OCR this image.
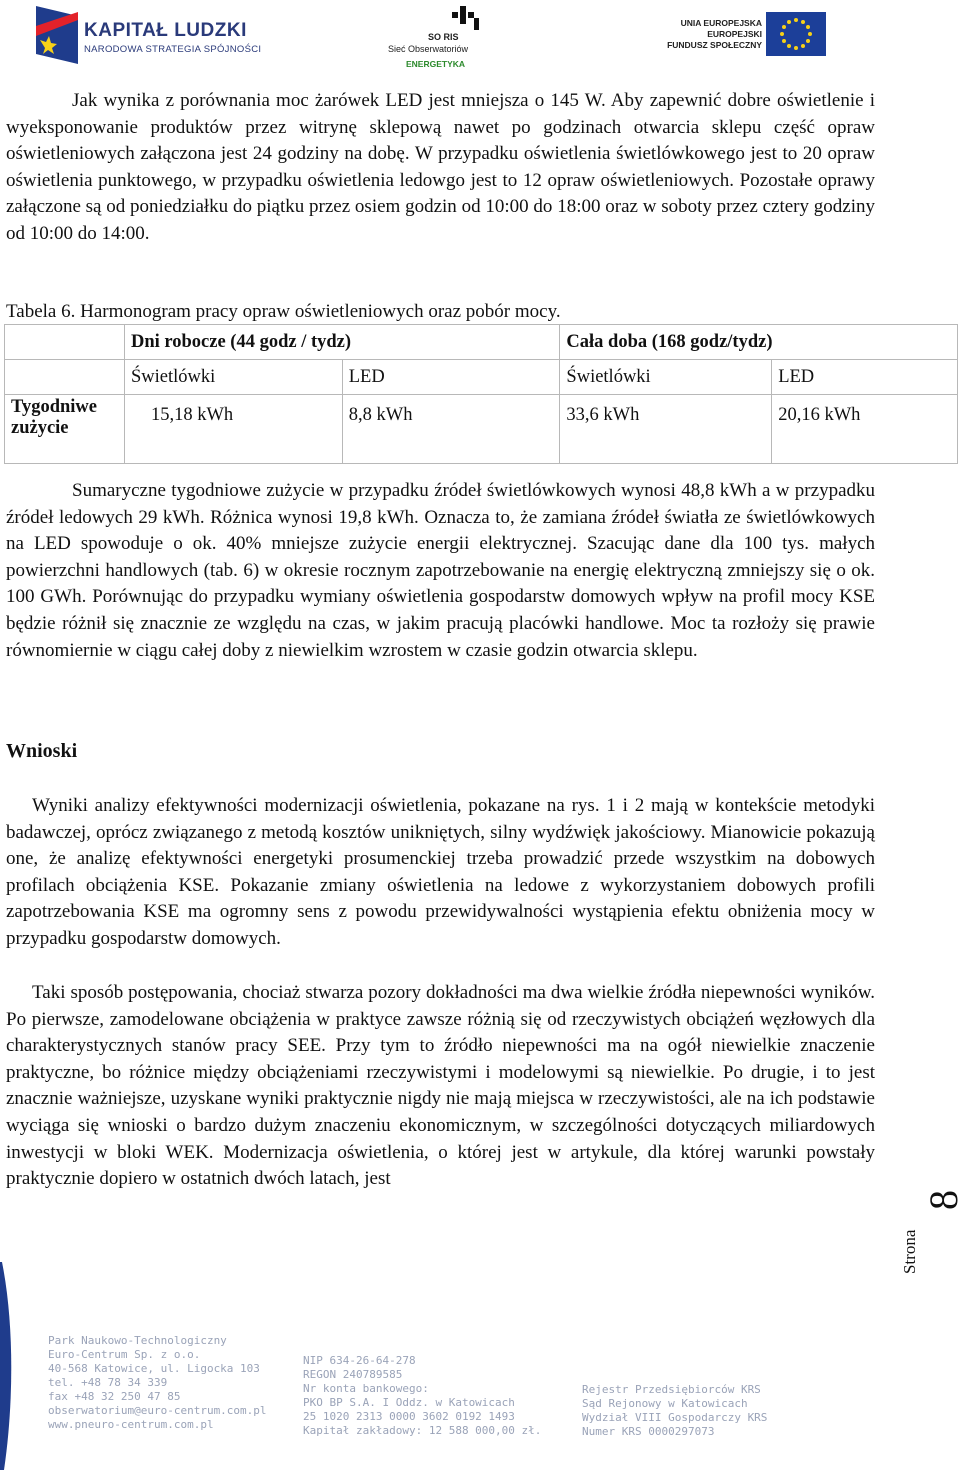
KAPITAŁ LUDZKI
NARODOWA STRATEGIA SPÓJNOŚCI
SO RIS
Sieć Obserwatoriów
ENERGETYKA
UNIA EUROPEJSKA
EUROPEJSKI
FUNDUSZ SPOŁECZNY

Jak wynika z porównania moc żarówek LED jest mniejsza o 145 W. Aby zapewnić dobre oświetlenie i wyeksponowanie produktów przez witrynę sklepową nawet po godzinach otwarcia sklepu część opraw oświetleniowych załączona jest 24 godziny na dobę. W przypadku oświetlenia świetlówkowego jest to 20 opraw oświetlenia punktowego, w przypadku oświetlenia ledowgo jest to 12 opraw oświetleniowych. Pozostałe oprawy załączone są od poniedziałku do piątku przez osiem godzin od 10:00 do 18:00 oraz w soboty przez cztery godziny od 10:00 do 14:00.

Tabela 6. Harmonogram pracy opraw oświetleniowych oraz pobór mocy.
	Dni robocze (44 godz / tydz)		Cała doba (168 godz/tydz)	
	Świetlówki	LED	Świetlówki	LED
Tygodniwe zużycie	15,18 kWh	8,8 kWh	33,6 kWh	20,16 kWh

Sumaryczne tygodniowe zużycie w przypadku źródeł świetlówkowych wynosi 48,8 kWh a w przypadku źródeł ledowych 29 kWh. Różnica wynosi 19,8 kWh. Oznacza to, że zamiana źródeł światła ze świetlówkowych na LED spowoduje o ok. 40% mniejsze zużycie energii elektrycznej. Szacując dane dla 100 tys. małych powierzchni handlowych (tab. 6) w okresie rocznym zapotrzebowanie na energię elektryczną zmniejszy się o ok. 100 GWh. Porównując do przypadku wymiany oświetlenia gospodarstw domowych wpływ na profil mocy KSE będzie różnił się znacznie ze względu na czas, w jakim pracują placówki handlowe. Moc ta rozłoży się prawie równomiernie w ciągu całej doby z niewielkim wzrostem w czasie godzin otwarcia sklepu.

Wnioski

Wyniki analizy efektywności modernizacji oświetlenia, pokazane na rys. 1 i 2 mają w kontekście metodyki badawczej, oprócz związanego z metodą kosztów unikniętych, silny wydźwięk jakościowy. Mianowicie pokazują one, że analizę efektywności energetyki prosumenckiej trzeba prowadzić przede wszystkim na dobowych profilach obciążenia KSE. Pokazanie zmiany oświetlenia na ledowe z wykorzystaniem dobowych profili zapotrzebowania KSE ma ogromny sens z powodu przewidywalności wystąpienia efektu obniżenia mocy w przypadku gospodarstw domowych.

Taki sposób postępowania, chociaż stwarza pozory dokładności ma dwa wielkie źródła niepewności wyników. Po pierwsze, zamodelowane obciążenia w praktyce zawsze różnią się od rzeczywistych obciążeń węzłowych dla charakterystycznych stanów pracy SEE. Przy tym to źródło niepewności ma na ogół niewielkie znaczenie praktyczne, bo różnice między obciążeniami rzeczywistymi i modelowymi są niewielkie. Po drugie, i to jest znacznie ważniejsze, uzyskane wyniki praktycznie nigdy nie mają miejsca w rzeczywistości, ale na ich podstawie wyciąga się wnioski o bardzo dużym znaczeniu ekonomicznym, w szczególności dotyczących miliardowych inwestycji w bloki WEK. Modernizacja oświetlenia, o której jest w artykule, dla której warunki powstały praktycznie dopiero w ostatnich dwóch latach, jest

Strona
8
Park Naukowo-Technologiczny
Euro-Centrum Sp. z o.o.
40-568 Katowice, ul. Ligocka 103
tel. +48 78 34 339
fax +48 32 250 47 85
obserwatorium@euro-centrum.com.pl
www.pneuro-centrum.com.pl
NIP 634-26-64-278
REGON 240789585
Nr konta bankowego:
PKO BP S.A. I Oddz. w Katowicach
25 1020 2313 0000 3602 0192 1493
Kapitał zakładowy: 12 588 000,00 zł.
Rejestr Przedsiębiorców KRS
Sąd Rejonowy w Katowicach
Wydział VIII Gospodarczy KRS
Numer KRS 0000297073
